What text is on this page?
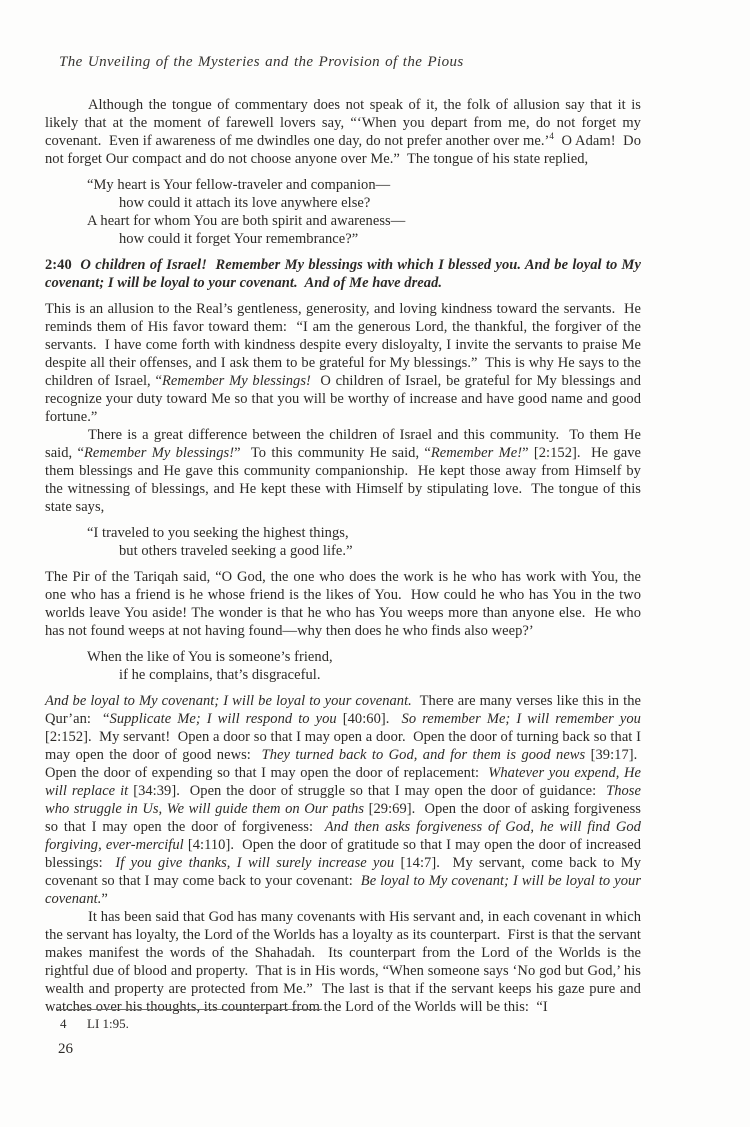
The Unveiling of the Mysteries and the Provision of the Pious

Although the tongue of commentary does not speak of it, the folk of allusion say that it is likely that at the moment of farewell lovers say, “‘When you depart from me, do not forget my covenant.  Even if awareness of me dwindles one day, do not prefer another over me.’$^4$  O Adam!  Do not forget Our compact and do not choose anyone over Me.”  The tongue of his state replied,

“My heart is Your fellow-traveler and companion—
how could it attach its love anywhere else?
A heart for whom You are both spirit and awareness—
how could it forget Your remembrance?”

2:40  O children of Israel!  Remember My blessings with which I blessed you. And be loyal to My covenant; I will be loyal to your covenant.  And of Me have dread.

This is an allusion to the Real’s gentleness, generosity, and loving kindness toward the servants.  He reminds them of His favor toward them:  “I am the generous Lord, the thankful, the forgiver of the servants.  I have come forth with kindness despite every disloyalty, I invite the servants to praise Me despite all their offenses, and I ask them to be grateful for My blessings.”  This is why He says to the children of Israel, “Remember My blessings!  O children of Israel, be grateful for My blessings and recognize your duty toward Me so that you will be worthy of increase and have good name and good fortune.”

There is a great difference between the children of Israel and this community.  To them He said, “Remember My blessings!”  To this community He said, “Remember Me!” [2:152].  He gave them blessings and He gave this community companionship.  He kept those away from Himself by the witnessing of blessings, and He kept these with Himself by stipulating love.  The tongue of this state says,

“I traveled to you seeking the highest things,
but others traveled seeking a good life.”

The Pir of the Tariqah said, “O God, the one who does the work is he who has work with You, the one who has a friend is he whose friend is the likes of You.  How could he who has You in the two worlds leave You aside! The wonder is that he who has You weeps more than anyone else.  He who has not found weeps at not having found—why then does he who finds also weep?’

When the like of You is someone’s friend,
if he complains, that’s disgraceful.

And be loyal to My covenant; I will be loyal to your covenant.  There are many verses like this in the Qur’an:  “Supplicate Me; I will respond to you [40:60].  So remember Me; I will remember you [2:152].  My servant!  Open a door so that I may open a door.  Open the door of turning back so that I may open the door of good news:  They turned back to God, and for them is good news [39:17].  Open the door of expending so that I may open the door of replacement:  Whatever you expend, He will replace it [34:39].  Open the door of struggle so that I may open the door of guidance:  Those who struggle in Us, We will guide them on Our paths [29:69].  Open the door of asking forgiveness so that I may open the door of forgiveness:  And then asks forgiveness of God, he will find God forgiving, ever-merciful [4:110].  Open the door of gratitude so that I may open the door of increased blessings:  If you give thanks, I will surely increase you [14:7].  My servant, come back to My covenant so that I may come back to your covenant:  Be loyal to My covenant; I will be loyal to your covenant.”

It has been said that God has many covenants with His servant and, in each covenant in which the servant has loyalty, the Lord of the Worlds has a loyalty as its counterpart.  First is that the servant makes manifest the words of the Shahadah.  Its counterpart from the Lord of the Worlds is the rightful due of blood and property.  That is in His words, “When someone says ‘No god but God,’ his wealth and property are protected from Me.”  The last is that if the servant keeps his gaze pure and watches over his thoughts, its counterpart from the Lord of the Worlds will be this:  “I

4 LI 1:95.
26
